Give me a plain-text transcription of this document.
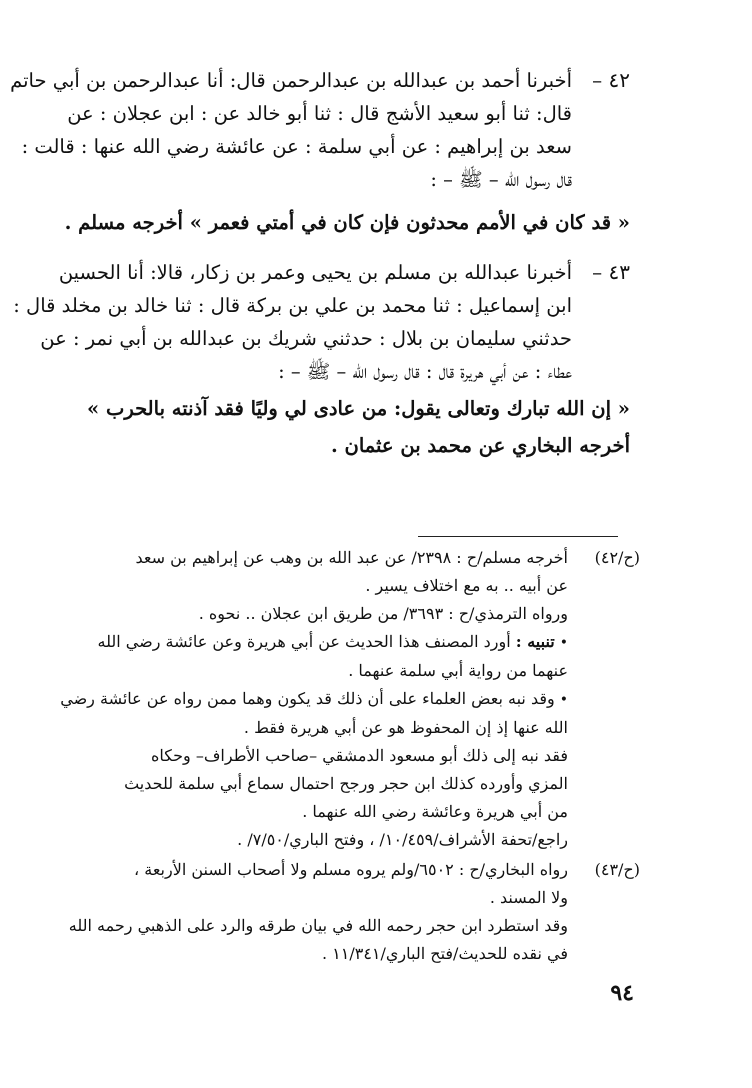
٤٢ –
أخبرنا أحمد بن عبدالله بن عبدالرحمن قال: أنا عبدالرحمن بن أبي حاتم
قال: ثنا أبو سعيد الأشج قال : ثنا أبو خالد عن : ابن عجلان : عن
سعد بن إبراهيم : عن أبي سلمة : عن عائشة رضي الله عنها : قالت :
قال رسول الله – ﷺ – :
« قد كان في الأمم محدثون فإن كان في أمتي فعمر » أخرجه مسلم .
٤٣ –
أخبرنا عبدالله بن مسلم بن يحيى وعمر بن زكار، قالا: أنا الحسين
ابن إسماعيل : ثنا محمد بن علي بن بركة قال : ثنا خالد بن مخلد قال :
حدثني سليمان بن بلال : حدثني شريك بن عبدالله بن أبي نمر : عن
عطاء : عن أبي هريرة قال : قال رسول الله – ﷺ – :
« إن الله تبارك وتعالى يقول: من عادى لي وليًا فقد آذنته بالحرب »
أخرجه البخاري عن محمد بن عثمان .
(ح/٤٢)
أخرجه مسلم/ح : ٢٣٩٨/ عن عبد الله بن وهب عن إبراهيم بن سعد
عن أبيه .. به مع اختلاف يسير .
ورواه الترمذي/ح : ٣٦٩٣/ من طريق ابن عجلان .. نحوه .
•تنبيه : أورد المصنف هذا الحديث عن أبي هريرة وعن عائشة رضي الله
عنهما من رواية أبي سلمة عنهما .
•وقد نبه بعض العلماء على أن ذلك قد يكون وهما ممن رواه عن عائشة رضي
الله عنها إذ إن المحفوظ هو عن أبي هريرة فقط .
فقد نبه إلى ذلك أبو مسعود الدمشقي –صاحب الأطراف– وحكاه
المزي وأورده كذلك ابن حجر ورجح احتمال سماع أبي سلمة للحديث
من أبي هريرة وعائشة رضي الله عنهما .
راجع/تحفة الأشراف/١٠/٤٥٩/ ، وفتح الباري/٧/٥٠/ .
(ح/٤٣)
رواه البخاري/ح : ٦٥٠٢/ولم يروه مسلم ولا أصحاب السنن الأربعة ،
ولا المسند .
وقد استطرد ابن حجر رحمه الله في بيان طرقه والرد على الذهبي رحمه الله
في نقده للحديث/فتح الباري/١١/٣٤١ .
٩٤
